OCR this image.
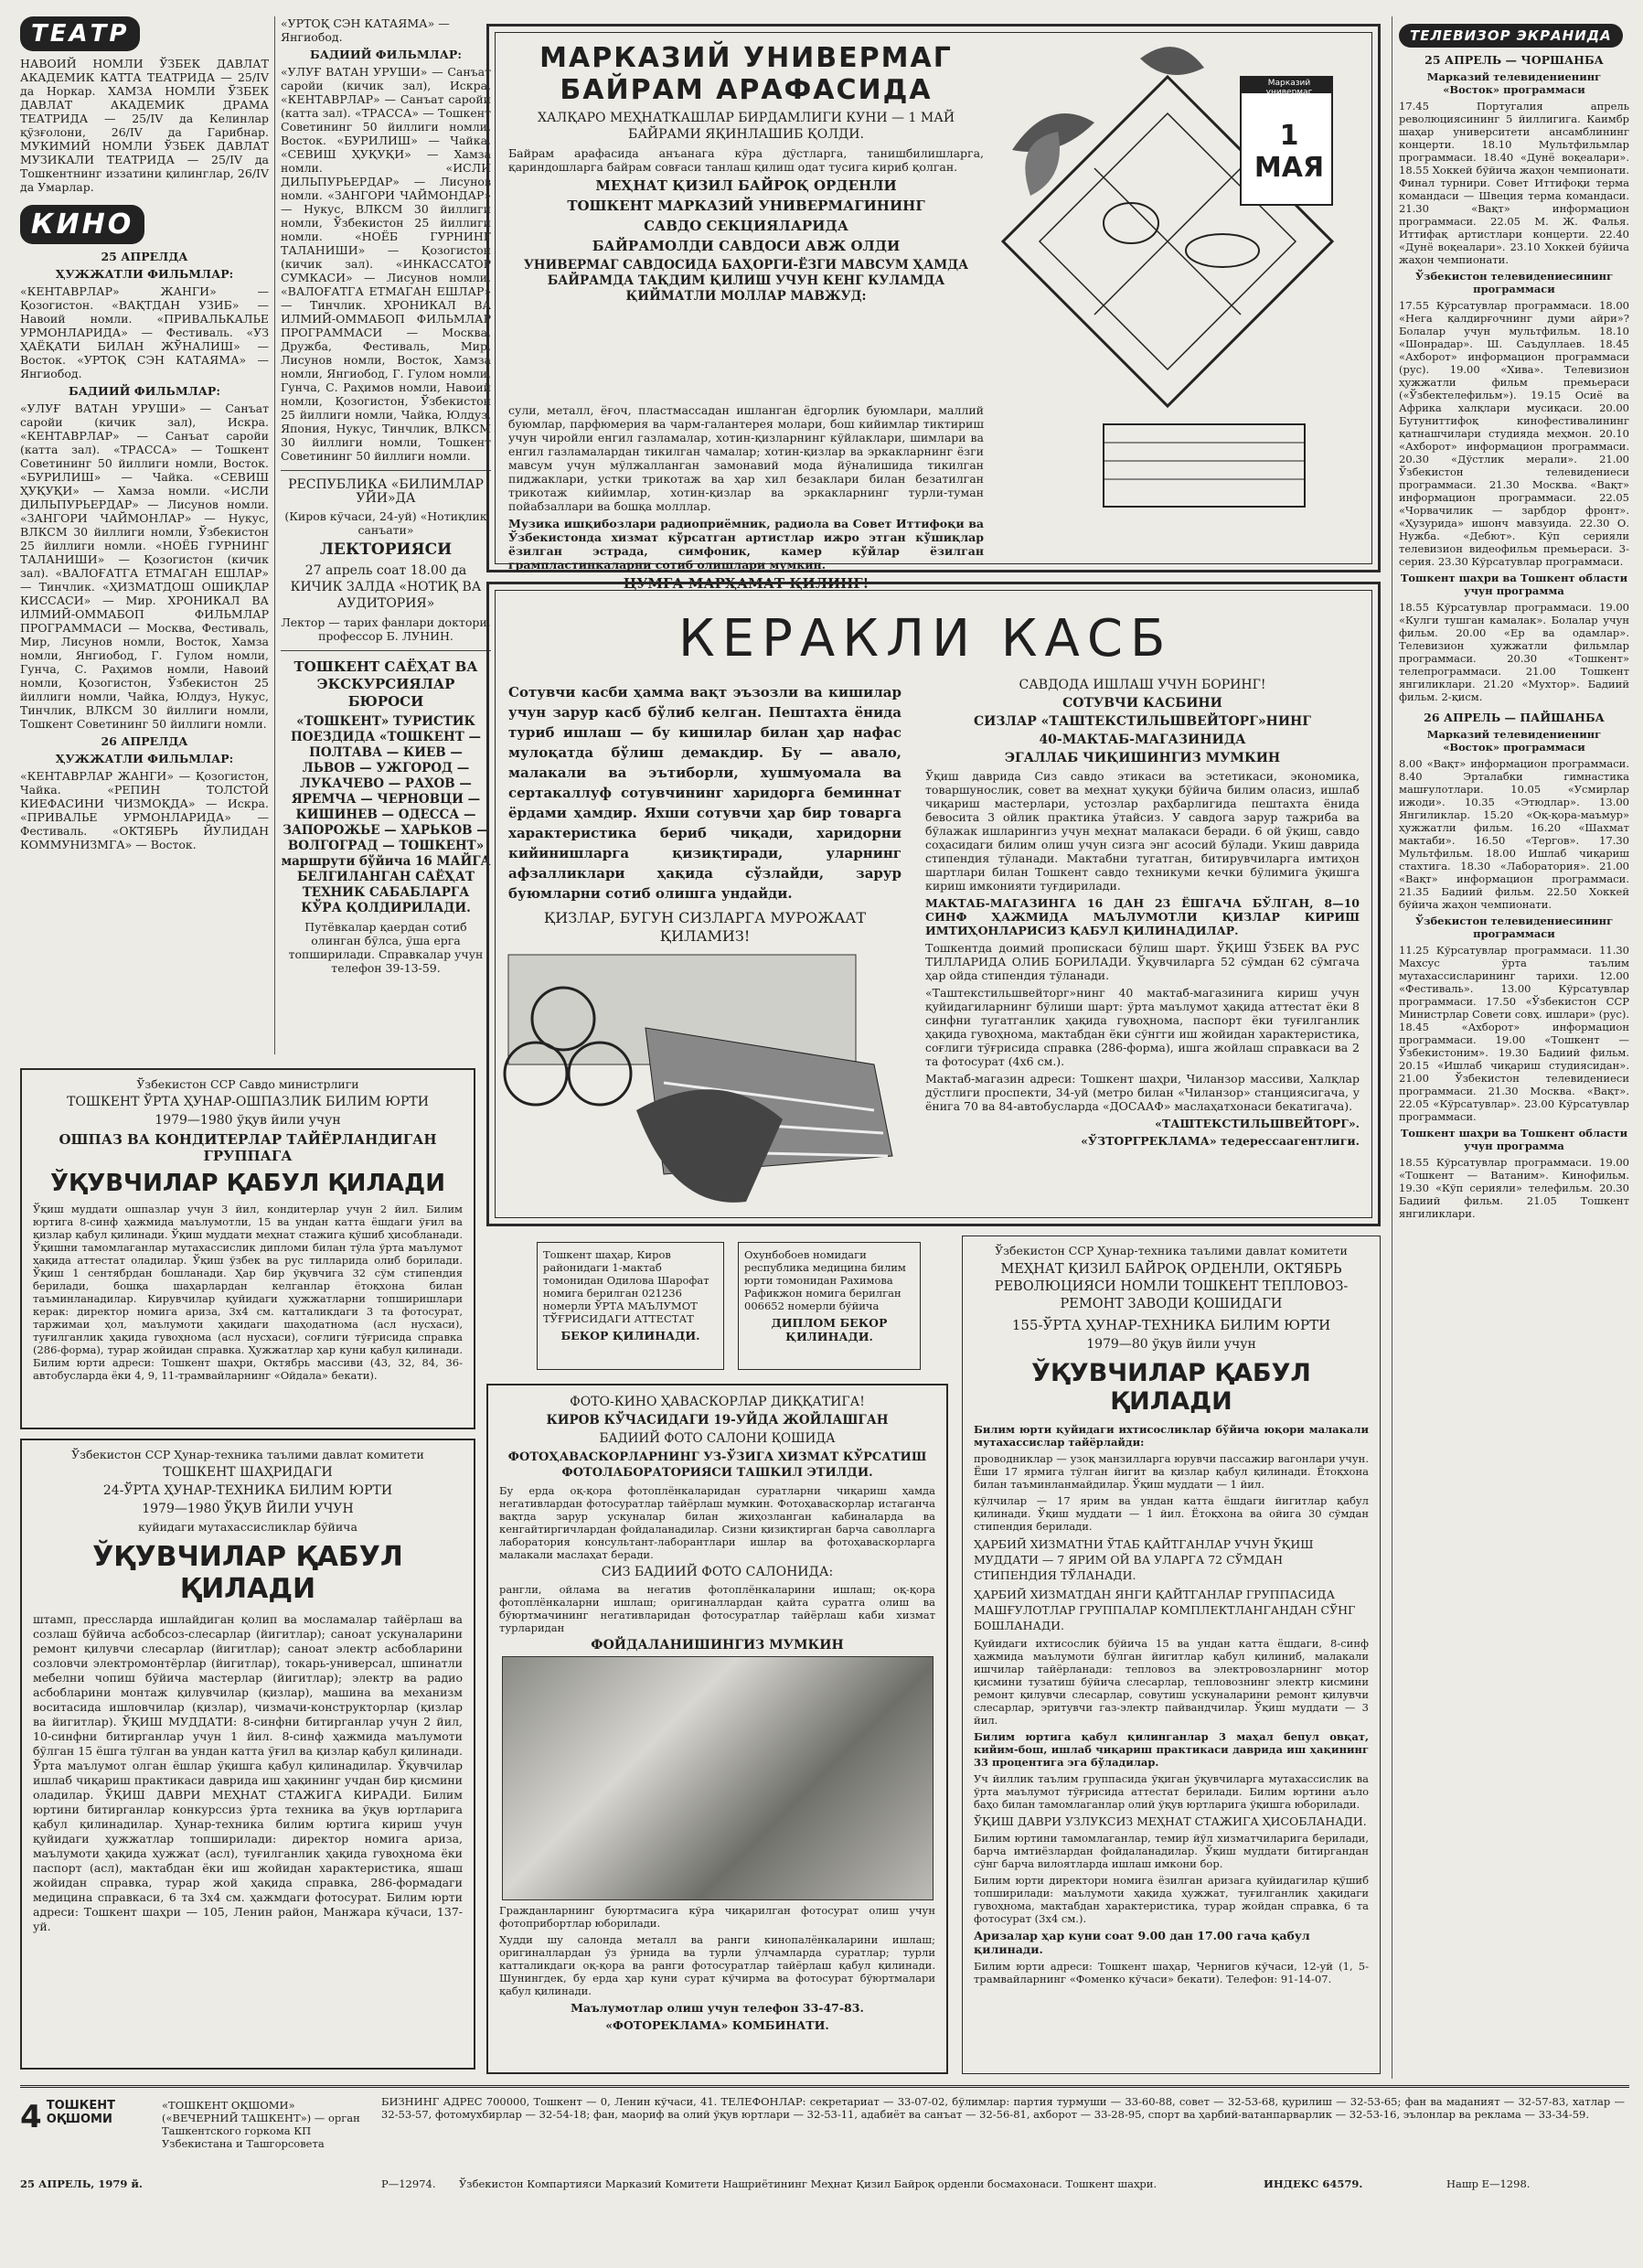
ТЕАТР

НАВОИЙ НОМЛИ ЎЗБЕК ДАВЛАТ АКАДЕМИК КАТТА ТЕАТРИДА — 25/IV да Норкар. ХАМЗА НОМЛИ ЎЗБЕК ДАВЛАТ АКАДЕМИК ДРАМА ТЕАТРИДА — 25/IV да Келинлар қўзғолони, 26/IV да Гарибнар. МУКИМИЙ НОМЛИ ЎЗБЕК ДАВЛАТ МУЗИКАЛИ ТЕАТРИДА — 25/IV да Тошкентнинг иззатини қилинглар, 26/IV да Умарлар.

КИНО

25 АПРЕЛДА

ҲУЖЖАТЛИ ФИЛЬМЛАР:

«КЕНТАВРЛАР» ЖАНГИ» — Қозогистон. «ВАҚТДАН УЗИБ» — Навоий номли. «ПРИВАЛЬКАЛЬЕ УРМОНЛАРИДА» — Фестиваль. «УЗ ҲАЁҚАТИ БИЛАН ЖЎНАЛИШ» — Восток. «УРТОҚ СЭН КАТАЯМА» — Янгиобод.

БАДИИЙ ФИЛЬМЛАР:

«УЛУҒ ВАТАН УРУШИ» — Санъат саройи (кичик зал), Искра. «КЕНТАВРЛАР» — Санъат саройи (катта зал). «ТРАССА» — Тошкент Советининг 50 йиллиги номли, Восток. «БУРИЛИШ» — Чайка. «СЕВИШ ҲУҚУҚИ» — Хамза номли. «ИСЛИ ДИЛЬПУРЬЕРДАР» — Лисунов номли. «ЗАНГОРИ ЧАЙМОНЛАР» — Нукус, ВЛКСМ 30 йиллиги номли, Ўзбекистон 25 йиллиги номли. «НОЁБ ГУРНИНГ ТАЛАНИШИ» — Қозогистон (кичик зал). «ВАЛОҒАТГА ЕТМАГАН ЕШЛАР» — Тинчлик. «ҲИЗМАТДОШ ОШИҚЛАР КИССАСИ» — Мир. ХРОНИКАЛ ВА ИЛМИЙ-ОММАБОП ФИЛЬМЛАР ПРОГРАММАСИ — Москва, Фестиваль, Мир, Лисунов номли, Восток, Хамза номли, Янгиобод, Г. Гулом номли, Гунча, С. Раҳимов номли, Навоий номли, Қозогистон, Ўзбекистон 25 йиллиги номли, Чайка, Юлдуз, Нукус, Тинчлик, ВЛКСМ 30 йиллиги номли, Тошкент Советининг 50 йиллиги номли.

26 АПРЕЛДА

ҲУЖЖАТЛИ ФИЛЬМЛАР:

«КЕНТАВРЛАР ЖАНГИ» — Қозогистон, Чайка. «РЕПИН ТОЛСТОЙ КИЕФАСИНИ ЧИЗМОҚДА» — Искра. «ПРИВАЛЬЕ УРМОНЛАРИДА» — Фестиваль. «ОКТЯБРЬ ЙУЛИДАН КОММУНИЗМГА» — Восток.

«УРТОҚ СЭН КАТАЯМА» — Янгиобод.

БАДИИЙ ФИЛЬМЛАР:

«УЛУҒ ВАТАН УРУШИ» — Санъат саройи (кичик зал), Искра. «КЕНТАВРЛАР» — Санъат саройи (катта зал). «ТРАССА» — Тошкент Советининг 50 йиллиги номли, Восток. «БУРИЛИШ» — Чайка. «СЕВИШ ҲУҚУҚИ» — Хамза номли. «ИСЛИ ДИЛЬПУРЬЕРДАР» — Лисунов номли. «ЗАНГОРИ ЧАЙМОНДАР» — Нукус, ВЛКСМ 30 йиллиги номли, Ўзбекистон 25 йиллиги номли. «НОЁБ ГУРНИНГ ТАЛАНИШИ» — Қозогистон (кичик зал). «ИНКАССАТОР СУМКАСИ» — Лисунов номли. «ВАЛОҒАТГА ЕТМАГАН ЕШЛАР» — Тинчлик. ХРОНИКАЛ ВА ИЛМИЙ-ОММАБОП ФИЛЬМЛАР ПРОГРАММАСИ — Москва, Дружба, Фестиваль, Мир, Лисунов номли, Восток, Хамза номли, Янгиобод, Г. Гулом номли, Гунча, С. Раҳимов номли, Навоий номли, Қозогистон, Ўзбекистон 25 йиллиги номли, Чайка, Юлдуз, Япония, Нукус, Тинчлик, ВЛКСМ 30 йиллиги номли, Тошкент Советининг 50 йиллиги номли.

РЕСПУБЛИКА «БИЛИМЛАР УЙИ»ДА

(Киров кўчаси, 24-уй) «Нотиқлик санъати»

ЛЕКТОРИЯСИ

27 апрель соат 18.00 да КИЧИК ЗАЛДА «НОТИҚ ВА АУДИТОРИЯ»

Лектор — тарих фанлари доктори, профессор Б. ЛУНИН.

ТОШКЕНТ САЁҲАТ ВА ЭКСКУРСИЯЛАР БЮРОСИ

«ТОШКЕНТ» ТУРИСТИК ПОЕЗДИДА «ТОШКЕНТ — ПОЛТАВА — КИЕВ — ЛЬВОВ — УЖГОРОД — ЛУКАЧЕВО — РАХОВ — ЯРЕМЧА — ЧЕРНОВЦИ — КИШИНЕВ — ОДЕССА — ЗАПОРОЖЬЕ — ХАРЬКОВ — ВОЛГОГРАД — ТОШКЕНТ» маршрути бўйича 16 МАЙГА БЕЛГИЛАНГАН САЁҲАТ ТЕХНИК САБАБЛАРГА КЎРА ҚОЛДИРИЛАДИ.

Путёвкалар қаердан сотиб олинган бўлса, ўша ерга топширилади. Справкалар учун телефон 39-13-59.

МАРКАЗИЙ УНИВЕРМАГ
БАЙРАМ АРАФАСИДА

ХАЛҚАРО МЕҲНАТКАШЛАР БИРДАМЛИГИ КУНИ — 1 МАЙ БАЙРАМИ ЯҚИНЛАШИБ ҚОЛДИ.

Байрам арафасида анъанага кўра дўстларга, танишбилишларга, қариндошларга байрам совғаси танлаш қилиш одат тусига кириб қолган.

МЕҲНАТ ҚИЗИЛ БАЙРОҚ ОРДЕНЛИ

ТОШКЕНТ МАРКАЗИЙ УНИВЕРМАГИНИНГ

САВДО СЕКЦИЯЛАРИДА

БАЙРАМОЛДИ САВДОСИ АВЖ ОЛДИ

УНИВЕРМАГ САВДОСИДА БАҲОРГИ-ЁЗГИ МАВСУМ ҲАМДА БАЙРАМДА ТАҚДИМ ҚИЛИШ УЧУН КЕНГ КУЛАМДА ҚИЙМАТЛИ МОЛЛАР МАВЖУД:

сули, металл, ёғоч, пластмассадан ишланган ёдгорлик буюмлари, маллий буюмлар, парфюмерия ва чарм-галантерея молари, бош кийимлар тиктириш учун чиройли енгил газламалар, хотин-қизларнинг кўйлаклари, шимлари ва енгил газламалардан тикилган чамалар; хотин-қизлар ва эркакларнинг ёзги мавсум учун мўлжалланган замонавий мода йўналишида тикилган пиджаклари, устки трикотаж ва ҳар хил безаклари билан безатилган трикотаж кийимлар, хотин-қизлар ва эркакларнинг турли-туман пойабзаллари ва бошқа молллар.

Музика ишқибозлари радиоприёмник, радиола ва Совет Иттифоқи ва Ўзбекистонда хизмат кўрсатган артистлар ижро этган кўшиқлар ёзилган эстрада, симфоник, камер кўйлар ёзилган грампластинкаларни сотиб олишлари мумкин.

ЦУМГА МАРҲАМАТ ҚИЛИНГ!

Марказий универмаг
1 МАЯ
КЕРАКЛИ КАСБ

Сотувчи касби ҳамма вақт эъзозли ва кишилар учун зарур касб бўлиб келган. Пештахта ёнида туриб ишлаш — бу кишилар билан ҳар нафас мулоқатда бўлиш демакдир. Бу — авало, малакали ва эътиборли, хушмуомала ва сертакаллуф сотувчининг харидорга беминнат ёрдами ҳамдир. Яхши сотувчи ҳар бир товарга характеристика бериб чиқади, харидорни кийинишларга қизиқтиради, уларнинг афзалликлари ҳақида сўзлайди, зарур буюмларни сотиб олишга ундайди.

ҚИЗЛАР, БУГУН СИЗЛАРГА МУРОЖААТ ҚИЛАМИЗ!

САВДОДА ИШЛАШ УЧУН БОРИНГ!

СОТУВЧИ КАСБИНИ

СИЗЛАР «ТАШТЕКСТИЛЬШВЕЙТОРГ»НИНГ

40-МАКТАБ-МАГАЗИНИДА

ЭГАЛЛАБ ЧИҚИШИНГИЗ МУМКИН

Ўқиш даврида Сиз савдо этикаси ва эстетикаси, экономика, товаршунослик, совет ва меҳнат ҳуқуқи бўйича билим оласиз, ишлаб чиқариш мастерлари, устозлар раҳбарлигида пештахта ёнида бевосита 3 ойлик практика ўтайсиз. У савдога зарур тажриба ва бўлажак ишларингиз учун меҳнат малакаси беради. 6 ой ўқиш, савдо соҳасидаги билим олиш учун сизга энг асосий бўлади. Укиш даврида стипендия тўланади. Мактабни тугатган, битирувчиларга имтиҳон шартлари билан Тошкент савдо техникуми кечки бўлимига ўқишга кириш имконияти туғдирилади.

МАКТАБ-МАГАЗИНГА 16 ДАН 23 ЁШГАЧА БЎЛГАН, 8—10 СИНФ ҲАЖМИДА МАЪЛУМОТЛИ ҚИЗЛАР КИРИШ ИМТИҲОНЛАРИСИЗ ҚАБУЛ ҚИЛИНАДИЛАР.

Тошкентда доимий пропискаси бўлиш шарт. ЎҚИШ ЎЗБЕК ВА РУС ТИЛЛАРИДА ОЛИБ БОРИЛАДИ. Ўқувчиларга 52 сўмдан 62 сўмгача ҳар ойда стипендия тўланади.

«Таштекстильшвейторг»нинг 40 мактаб-магазинига кириш учун қуйидагиларнинг бўлиши шарт: ўрта маълумот ҳақида аттестат ёки 8 синфни тугатганлик ҳақида гувоҳнома, паспорт ёки туғилганлик ҳақида гувоҳнома, мактабдан ёки сўнгги иш жойидан характеристика, соғлиги тўғрисида справка (286-форма), ишга жойлаш справкаси ва 2 та фотосурат (4х6 см.).

Мактаб-магазин адреси: Тошкент шаҳри, Чиланзор массиви, Халқлар дўстлиги проспекти, 34-уй (метро билан «Чиланзор» станциясигача, у ёнига 70 ва 84-автобусларда «ДОСААФ» маслаҳатхонаси бекатигача).

«ТАШТЕКСТИЛЬШВЕЙТОРГ».

«ЎЗТОРГРЕКЛАМА» тедерессаагентлиги.

Ўзбекистон ССР Савдо министрлиги

ТОШКЕНТ ЎРТА ҲУНАР-ОШПАЗЛИК БИЛИМ ЮРТИ

1979—1980 ўқув йили учун

ОШПАЗ ВА КОНДИТЕРЛАР ТАЙЁРЛАНДИГАН ГРУППАГА

ЎҚУВЧИЛАР ҚАБУЛ ҚИЛАДИ

Ўқиш муддати ошпазлар учун 3 йил, кондитерлар учун 2 йил. Билим юртига 8-синф ҳажмида маълумотли, 15 ва ундан катта ёшдаги ўғил ва қизлар қабул қилинади. Ўқиш муддати меҳнат стажига қўшиб ҳисобланади. Ўқишни тамомлаганлар мутахассислик дипломи билан тўла ўрта маълумот ҳақида аттестат оладилар. Ўқиш ўзбек ва рус тилларида олиб борилади. Ўқиш 1 сентябрдан бошланади. Ҳар бир ўқувчига 32 сўм стипендия берилади, бошқа шаҳарлардан келганлар ётоқхона билан таъминланадилар. Кирувчилар қуйидаги ҳужжатларни топширишлари керак: директор номига ариза, 3х4 см. катталикдаги 3 та фотосурат, таржимаи ҳол, маълумоти ҳақидаги шаҳодатнома (асл нусхаси), туғилганлик ҳақида гувоҳнома (асл нусхаси), соғлиги тўғрисида справка (286-форма), турар жойидан справка. Ҳужжатлар ҳар куни қабул қилинади. Билим юрти адреси: Тошкент шаҳри, Октябрь массиви (43, 32, 84, 36-автобусларда ёки 4, 9, 11-трамвайларнинг «Ойдала» бекати).

Ўзбекистон ССР Ҳунар-техника таълими давлат комитети

ТОШКЕНТ ШАҲРИДАГИ

24-ЎРТА ҲУНАР-ТЕХНИКА БИЛИМ ЮРТИ

1979—1980 ЎҚУВ ЙИЛИ УЧУН

куйидаги мутахассисликлар бўйича

ЎҚУВЧИЛАР ҚАБУЛ ҚИЛАДИ

штамп, прессларда ишлайдиган қолип ва мосламалар тайёрлаш ва созлаш бўйича асбобсоз-слесарлар (йигитлар); саноат ускуналарини ремонт қилувчи слесарлар (йигитлар); саноат электр асбобларини созловчи электромонтёрлар (йигитлар), токарь-универсал, шпинатли мебелни чопиш бўйича мастерлар (йигитлар); электр ва радио асбобларини монтаж қилувчилар (қизлар), машина ва механизм воситасида ишловчилар (қизлар), чизмачи-конструкторлар (қизлар ва йигитлар). ЎҚИШ МУДДАТИ: 8-синфни битирганлар учун 2 йил, 10-синфни битирганлар учун 1 йил. 8-синф ҳажмида маълумоти бўлган 15 ёшга тўлган ва ундан катта ўғил ва қизлар қабул қилинади. Ўрта маълумот олган ёшлар ўқишга қабул қилинадилар. Ўқувчилар ишлаб чиқариш практикаси даврида иш ҳақининг учдан бир қисмини оладилар. ЎҚИШ ДАВРИ МЕҲНАТ СТАЖИГА КИРАДИ. Билим юртини битирганлар конкурссиз ўрта техника ва ўқув юртларига қабул қилинадилар. Ҳунар-техника билим юртига кириш учун қуйидаги ҳужжатлар топширилади: директор номига ариза, маълумоти ҳақида ҳужжат (асл), туғилганлик ҳақида гувоҳнома ёки паспорт (асл), мактабдан ёки иш жойидан характеристика, яшаш жойидан справка, турар жой ҳақида справка, 286-формадаги медицина справкаси, 6 та 3х4 см. ҳажмдаги фотосурат. Билим юрти адреси: Тошкент шаҳри — 105, Ленин район, Манжара кўчаси, 137-уй.

Тошкент шаҳар, Киров районидаги 1-мактаб томонидан Одилова Шарофат номига берилган 021236 номерли ЎРТА МАЪЛУМОТ ТЎҒРИСИДАГИ АТТЕСТАТ

БЕКОР ҚИЛИНАДИ.

Охунбобоев номидаги республика медицина билим юрти томонидан Рахимова Рафикжон номига берилган 006652 номерли бўйича

ДИПЛОМ БЕКОР ҚИЛИНАДИ.

ФОТО-КИНО ҲАВАСКОРЛАР ДИҚҚАТИГА!

КИРОВ КЎЧАСИДАГИ 19-УЙДА ЖОЙЛАШГАН

БАДИИЙ ФОТО САЛОНИ ҚОШИДА

ФОТОҲАВАСКОРЛАРНИНГ УЗ-ЎЗИГА ХИЗМАТ КЎРСАТИШ ФОТОЛАБОРАТОРИЯСИ ТАШКИЛ ЭТИЛДИ.

Бу ерда оқ-қора фотоплёнкаларидан суратларни чиқариш ҳамда негативлардан фотосуратлар тайёрлаш мумкин. Фотоҳаваскорлар истаганча вақтда зарур ускуналар билан жиҳозланган кабиналарда ва кенгайтиргичлардан фойдаланадилар. Сизни қизиқтирган барча саволларга лаборатория консультант-лаборантлари ишлар ва фотоҳаваскорларга малакали маслаҳат беради.

СИЗ БАДИИЙ ФОТО САЛОНИДА:

рангли, ойлама ва негатив фотоплёнкаларини ишлаш; оқ-қора фотоплёнкаларни ишлаш; оригиналлардан қайта суратга олиш ва бўюртмачининг негативларидан фотосуратлар тайёрлаш каби хизмат турларидан

ФОЙДАЛАНИШИНГИЗ МУМКИН

Гражданларнинг буюртмасига кўра чиқарилган фотосурат олиш учун фотоприбортлар юборилади.

Худди шу салонда металл ва ранги кинопалёнкаларини ишлаш; оригиналлардан ўз ўрнида ва турли ўлчамларда суратлар; турли катталикдаги оқ-қора ва ранги фотосуратлар тайёрлаш қабул қилинади. Шунингдек, бу ерда ҳар куни сурат кўчирма ва фотосурат бўюртмалари қабул қилинади.

Маълумотлар олиш учун телефон 33-47-83.

«ФОТОРЕКЛАМА» КОМБИНАТИ.

Ўзбекистон ССР Ҳунар-техника таълими давлат комитети

МЕҲНАТ ҚИЗИЛ БАЙРОҚ ОРДЕНЛИ, ОКТЯБРЬ РЕВОЛЮЦИЯСИ НОМЛИ ТОШКЕНТ ТЕПЛОВОЗ-РЕМОНТ ЗАВОДИ ҚОШИДАГИ

155-ЎРТА ҲУНАР-ТЕХНИКА БИЛИМ ЮРТИ

1979—80 ўқув йили учун

ЎҚУВЧИЛАР ҚАБУЛ ҚИЛАДИ

Билим юрти қуйидаги ихтисосликлар бўйича юқори малакали мутахассислар тайёрлайди:

проводниклар — узоқ манзилларга юрувчи пассажир вагонлари учун. Ёши 17 ярмига тўлган йигит ва қизлар қабул қилинади. Ётоқхона билан таъминланмайдилар. Ўқиш муддати — 1 йил.

кўлчилар — 17 ярим ва ундан катта ёшдаги йигитлар қабул қилинади. Ўқиш муддати — 1 йил. Ётоқхона ва ойига 30 сўмдан стипендия берилади.

ҲАРБИЙ ХИЗМАТНИ ЎТАБ ҚАЙТГАНЛАР УЧУН ЎҚИШ МУДДАТИ — 7 ЯРИМ ОЙ ВА УЛАРГА 72 СЎМДАН СТИПЕНДИЯ ТЎЛАНАДИ.

ҲАРБИЙ ХИЗМАТДАН ЯНГИ ҚАЙТГАНЛАР ГРУППАСИДА МАШҒУЛОТЛАР ГРУППАЛАР КОМПЛЕКТЛАНГАНДАН СЎНГ БОШЛАНАДИ.

Қуйидаги ихтисослик бўйича 15 ва ундан катта ёшдаги, 8-синф ҳажмида маълумоти бўлган йигитлар қабул қилиниб, малакали ишчилар тайёрланади: тепловоз ва электровозларнинг мотор қисмини тузатиш бўйича слесарлар, тепловознинг электр кисмини ремонт қилувчи слесарлар, совутиш ускуналарини ремонт қилувчи слесарлар, эритувчи газ-электр пайвандчилар. Ўқиш муддати — 3 йил.

Билим юртига қабул қилинганлар 3 маҳал бепул овқат, кийим-бош, ишлаб чиқариш практикаси даврида иш ҳақининг 33 процентига эга бўладилар.

Уч йиллик таълим группасида ўқиган ўқувчиларга мутахассислик ва ўрта маълумот тўғрисида аттестат берилади. Билим юртини аъло баҳо билан тамомлаганлар олий ўқув юртларига ўқишга юборилади.

ЎҚИШ ДАВРИ УЗЛУКСИЗ МЕҲНАТ СТАЖИГА ҲИСОБЛАНАДИ.

Билим юртини тамомлаганлар, темир йўл хизматчиларига берилади, барча имтиёзлардан фойдаланадилар. Ўқиш муддати битиргандан сўнг барча вилоятларда ишлаш имкони бор.

Билим юрти директори номига ёзилган аризага қуйидагилар қўшиб топширилади: маълумоти ҳақида ҳужжат, туғилганлик ҳақидаги гувоҳнома, мактабдан характеристика, турар жойдан справка, 6 та фотосурат (3х4 см.).

Аризалар ҳар куни соат 9.00 дан 17.00 гача қабул қилинади.

Билим юрти адреси: Тошкент шаҳар, Чернигов кўчаси, 12-уй (1, 5-трамвайларнинг «Фоменко кўчаси» бекати). Телефон: 91-14-07.

ТЕЛЕВИЗОР ЭКРАНИДА

25 АПРЕЛЬ — ЧОРШАНБА

Марказий телевидениенинг «Восток» программаси

17.45 Португалия апрель революциясининг 5 йиллигига. Каимбр шаҳар университети ансамблининг концерти. 18.10 Мультфильмлар программаси. 18.40 «Дунё воқеалари». 18.55 Хоккей бўйича жаҳон чемпионати. Финал турнири. Совет Иттифоқи терма командаси — Швеция терма командаси. 21.30 «Вақт» информацион программаси. 22.05 М. Ж. Фалья. Иттифақ артистлари концерти. 22.40 «Дунё воқеалари». 23.10 Хоккей бўйича жаҳон чемпионати.

Ўзбекистон телевидениесининг программаси

17.55 Кўрсатувлар программаси. 18.00 «Нега қалдирғочнинг думи айри»? Болалар учун мультфильм. 18.10 «Шонрадар». Ш. Саъдуллаев. 18.45 «Ахборот» информацион программаси (рус). 19.00 «Хива». Телевизион ҳужжатли фильм премьераси («Ўзбектелефильм»). 19.15 Осиё ва Африка халқлари мусиқаси. 20.00 Бутуниттифоқ кинофестивалининг қатнашчилари студияда меҳмон. 20.10 «Ахборот» информацион программаси. 20.30 «Дўстлик мерали». 21.00 Ўзбекистон телевидениеси программаси. 21.30 Москва. «Вақт» информацион программаси. 22.05 «Чорвачилик — зарбдор фронт». «Ҳузурида» ишонч мавзуида. 22.30 О. Нужба. «Дебют». Кўп серияли телевизион видеофильм премьераси. 3-серия. 23.30 Кўрсатувлар программаси.

Тошкент шаҳри ва Тошкент области учун программа

18.55 Кўрсатувлар программаси. 19.00 «Кулги тушган камалак». Болалар учун фильм. 20.00 «Ер ва одамлар». Телевизион ҳужжатли фильмлар программаси. 20.30 «Тошкент» телепрограммаси. 21.00 Тошкент янгиликлари. 21.20 «Мухтор». Бадиий фильм. 2-қисм.

26 АПРЕЛЬ — ПАЙШАНБА

Марказий телевидениенинг «Восток» программаси

8.00 «Вақт» информацион программаси. 8.40 Эрталабки гимнастика машғулотлари. 10.05 «Усмирлар ижоди». 10.35 «Этюдлар». 13.00 Янгиликлар. 15.20 «Оқ-қора-маъмур» ҳужжатли фильм. 16.20 «Шахмат мактаби». 16.50 «Тергов». 17.30 Мультфильм. 18.00 Ишлаб чиқариш стахтига. 18.30 «Лаборатория». 21.00 «Вақт» информацион программаси. 21.35 Бадиий фильм. 22.50 Хоккей бўйича жаҳон чемпионати.

Ўзбекистон телевидениесининг программаси

11.25 Кўрсатувлар программаси. 11.30 Махсус ўрта таълим мутахассисларининг тарихи. 12.00 «Фестиваль». 13.00 Кўрсатувлар программаси. 17.50 «Ўзбекистон ССР Министрлар Совети совҳ. ишлари» (рус). 18.45 «Ахборот» информацион программаси. 19.00 «Тошкент — Ўзбекистоним». 19.30 Бадиий фильм. 20.15 «Ишлаб чиқариш студиясидан». 21.00 Ўзбекистон телевидениеси программаси. 21.30 Москва. «Вақт». 22.05 «Кўрсатувлар». 23.00 Кўрсатувлар программаси.

Тошкент шаҳри ва Тошкент области учун программа

18.55 Кўрсатувлар программаси. 19.00 «Тошкент — Ватаним». Кинофильм. 19.30 «Кўп серияли» телефильм. 20.30 Бадиий фильм. 21.05 Тошкент янгиликлари.

4 ТОШКЕНТ ОҚШОМИ
«ТОШКЕНТ ОҚШОМИ» («ВЕЧЕРНИЙ ТАШКЕНТ») — орган Ташкентского горкома КП Узбекистана и Ташгорсовета
25 АПРЕЛЬ, 1979 й.
БИЗНИНГ АДРЕС 700000, Тошкент — 0, Ленин кўчаси, 41. ТЕЛЕФОНЛАР: секретариат — 33-07-02, бўлимлар: партия турмуши — 33-60-88, совет — 32-53-68, қурилиш — 32-53-65; фан ва маданият — 32-57-83, хатлар — 32-53-57, фотомухбирлар — 32-54-18; фан, маориф ва олий ўқув юртлари — 32-53-11, адабиёт ва санъат — 32-56-81, ахборот — 33-28-95, спорт ва ҳарбий-ватанпарварлик — 32-53-16, эълонлар ва реклама — 33-34-59.
Р—12974. Ўзбекистон Компартияси Марказий Комитети Нашриётининг Меҳнат Қизил Байроқ орденли босмахонаси. Тошкент шаҳри.	ИНДЕКС 64579.	Нашр Е—1298.
